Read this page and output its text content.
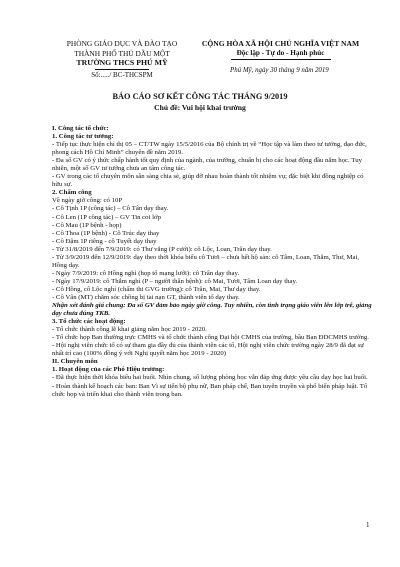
PHÒNG GIÁO DỤC VÀ ĐÀO TẠO
THÀNH PHỐ THỦ DẦU MỘT
TRƯỜNG THCS PHÚ MỸ
Số:...../ BC-THCSPM
CỘNG HÒA XÃ HỘI CHỦ NGHĨA VIỆT NAM
Độc lập - Tự do - Hạnh phúc
Phú Mỹ, ngày 30 tháng 9 năm 2019
BÁO CÁO SƠ KẾT CÔNG TÁC THÁNG 9/2019
Chủ đề: Vui hội khai trường

I. Công tác tổ chức:

1. Công tác tư tưởng:

- Tiếp tục thực hiện chỉ thị 05 – CT/TW ngày 15/5/2016 của Bộ chính trị về “Học tập và làm theo tư tưởng, đạo đức, phong cách Hồ Chí Minh” chuyên đề năm 2019.

- Đa số GV có ý thức chấp hành tốt quy định của ngành, của trường, chuẩn bị cho các hoạt động đầu năm học. Tuy nhiên, một số GV tư tưởng chưa an tâm công tác.

- GV trong các tổ chuyên môn sẵn sàng chia sẻ, giúp đỡ nhau hoàn thành tốt nhiệm vụ; đặc biệt khi đồng nghiệp có hữu sự.

2. Chấm công

Về ngày giờ công: có 10P

- Cô Tịnh 1P (công tác) – Cô Tân dạy thay.

- Cô Len (1P công tác) – GV Tin coi lớp

- Cô Mau (1P bệnh - họp)

- Cô Thoa (1P bệnh) - Cô Trúc dạy thay

- Cô Đậm 1P riêng - cô Tuyết dạy thay

- Từ 31/8/2019 đến 7/9/2019: có Thư vắng (P cưới): cô Lộc, Loan, Trân dạy thay.

- Từ 3/9/2019 đến 12/9/2019: dạy theo thời khóa biểu cô Tươi – chưa hết hộ sản: cô Tâm, Loan, Thắm, Thư, Mai, Hồng dạy.

- Ngày 7/9/2019: cô Hồng nghỉ (họp tổ mạng lưới): cô Trân dạy thay.

- Ngày 17/9/2019: cô Thắm nghỉ (P – người thân bệnh): cô Mai, Tươi, Tâm Loan dạy thay.

- Cô Hồng, cô Lộc nghỉ (chấm thi GVG trường): cô Trân, Mai, Thư dạy thay.

- Cô Vân (MT) chăm sóc chồng bị tai nạn GT, thành viên tổ dạy thay.

Nhận xét đánh giá chung: Đa số GV đảm bảo ngày giờ công. Tuy nhiên, còn tình trạng giáo viên lên lớp trễ, giảng dạy chưa đúng TKB.

3. Tổ chức các hoạt động:

- Tổ chức thành công lễ khai giảng năm học 2019 - 2020.

- Tổ chức họp Ban thường trực CMHS và tổ chức thành công Đại hội CMHS của trường, bầu Ban ĐDCMHS trường.

- Hội nghị viên chức tổ có sự tham gia đầy đủ của thành viên các tổ, Hội nghị viên chức trường ngày 28/9 đã đạt sự nhất trí cao (100% đồng ý với Nghị quyết năm học 2019 - 2020)

II. Chuyên môn

1. Hoạt động của các Phó Hiệu trưởng:

- Đã thực hiện thời khóa biểu hai buổi. Nhìn chung, số lượng phòng học vẫn đáp ứng được yêu cầu dạy học hai buổi.

- Hoàn thành kế hoạch các ban: Ban Vì sự tiến bộ phụ nữ, Ban pháp chế, Ban tuyên truyền và phổ biến pháp luật. Tổ chức họp và triển khai cho thành viên trong ban.

1
